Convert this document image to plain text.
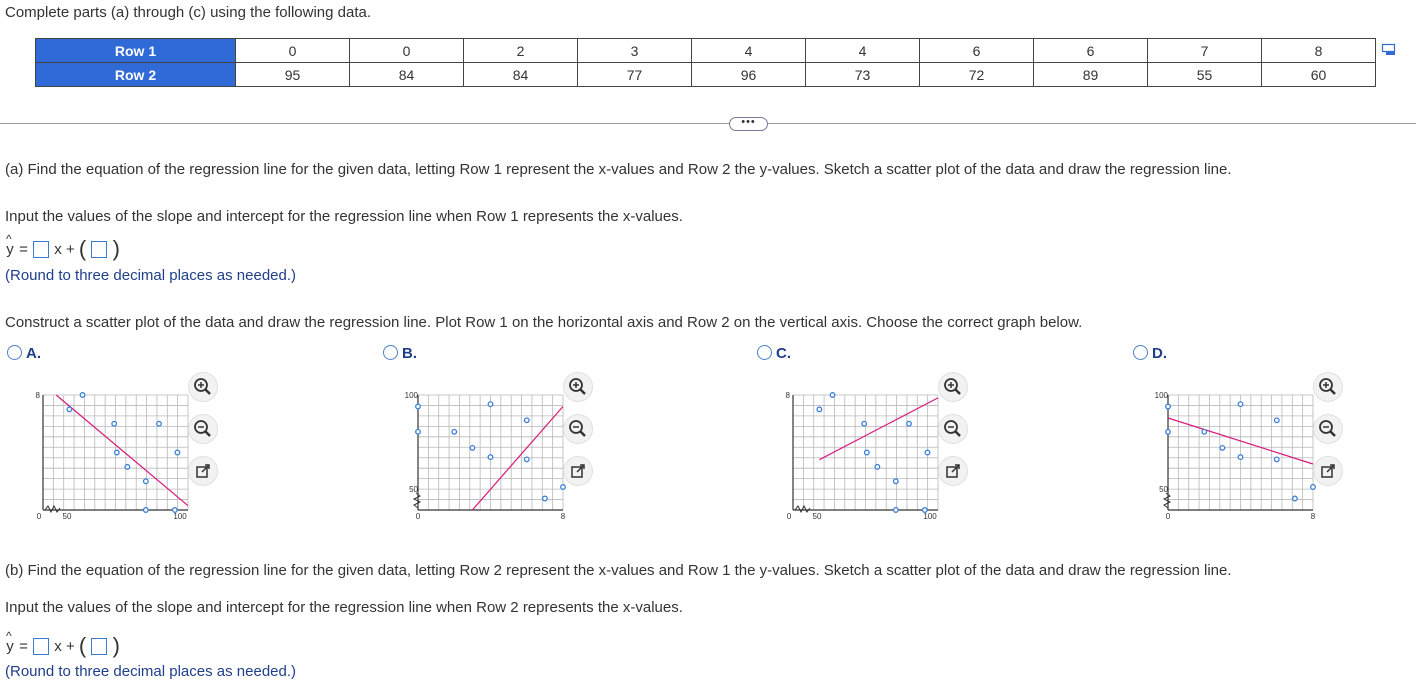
Complete parts (a) through (c) using the following data.
Row 1	0	0	2	3	4	4	6	6	7	8
Row 2	95	84	84	77	96	73	72	89	55	60
•••
(a) Find the equation of the regression line for the given data, letting Row 1 represent the x-values and Row 2 the y-values. Sketch a scatter plot of the data and draw the regression line.
Input the values of the slope and intercept for the regression line when Row 1 represents the x-values.
^ y = x + ( )
(Round to three decimal places as needed.)
Construct a scatter plot of the data and draw the regression line. Plot Row 1 on the horizontal axis and Row 2 on the vertical axis. Choose the correct graph below.
A.	B.	C.	D.
(b) Find the equation of the regression line for the given data, letting Row 2 represent the x-values and Row 1 the y-values. Sketch a scatter plot of the data and draw the regression line.
Input the values of the slope and intercept for the regression line when Row 2 represents the x-values.
^ y = x + ( )
(Round to three decimal places as needed.)
0	50	100
8
0	8
100
50
0	50	100
8
0	8
100
50
